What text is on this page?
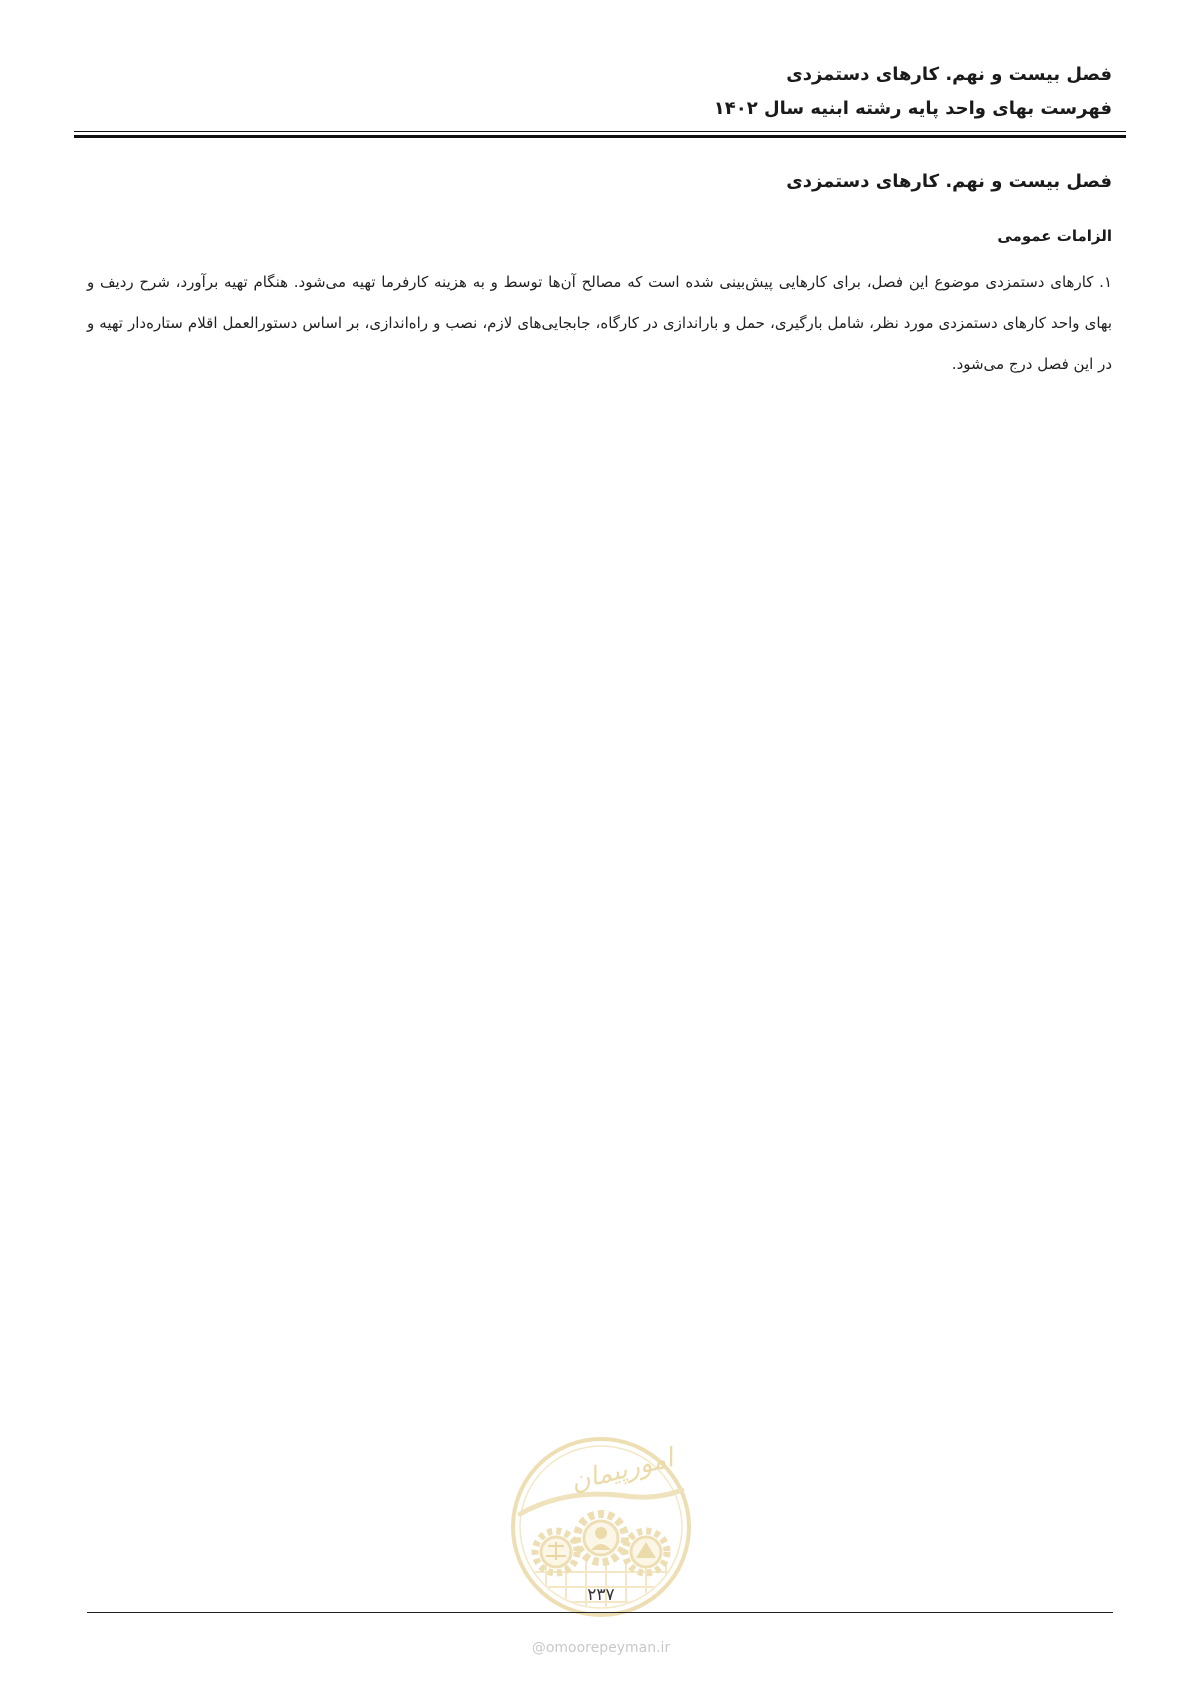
فصل بیست و نهم. کارهای دستمزدی
فهرست بهای واحد پایه رشته ابنیه سال ۱۴۰۲
فصل بیست و نهم. کارهای دستمزدی
الزامات عمومی

۱. کارهای دستمزدی موضوع این فصل، برای کارهایی پیش‌بینی شده است که مصالح آن‌ها توسط و به هزینه کارفرما تهیه می‌شود. هنگام تهیه برآورد، شرح ردیف و بهای واحد کارهای دستمزدی مورد نظر، شامل بارگیری، حمل و باراندازی در کارگاه، جابجایی‌های لازم، نصب و راه‌اندازی، بر اساس دستورالعمل اقلام ستاره‌دار تهیه و در این فصل درج می‌شود.

امورپیمان
۲۳۷
@omoorepeyman.ir
